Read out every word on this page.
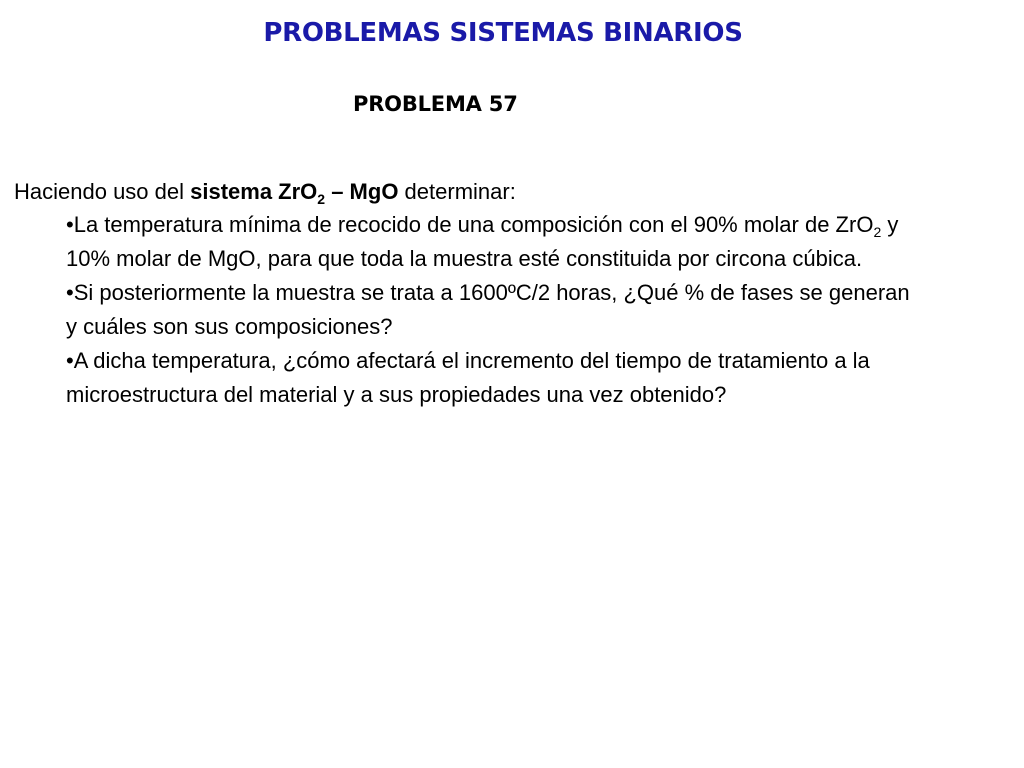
PROBLEMAS SISTEMAS BINARIOS
PROBLEMA 57
Haciendo uso del sistema ZrO$_2$ – MgO determinar:

•La temperatura mínima de recocido de una composición con el 90% molar de ZrO$_2$ y 10% molar de MgO, para que toda la muestra esté constituida por circona cúbica.

•Si posteriormente la muestra se trata a 1600ºC/2 horas, ¿Qué % de fases se generan y cuáles son sus composiciones?

•A dicha temperatura, ¿cómo afectará el incremento del tiempo de tratamiento a la microestructura del material y a sus propiedades una vez obtenido?
